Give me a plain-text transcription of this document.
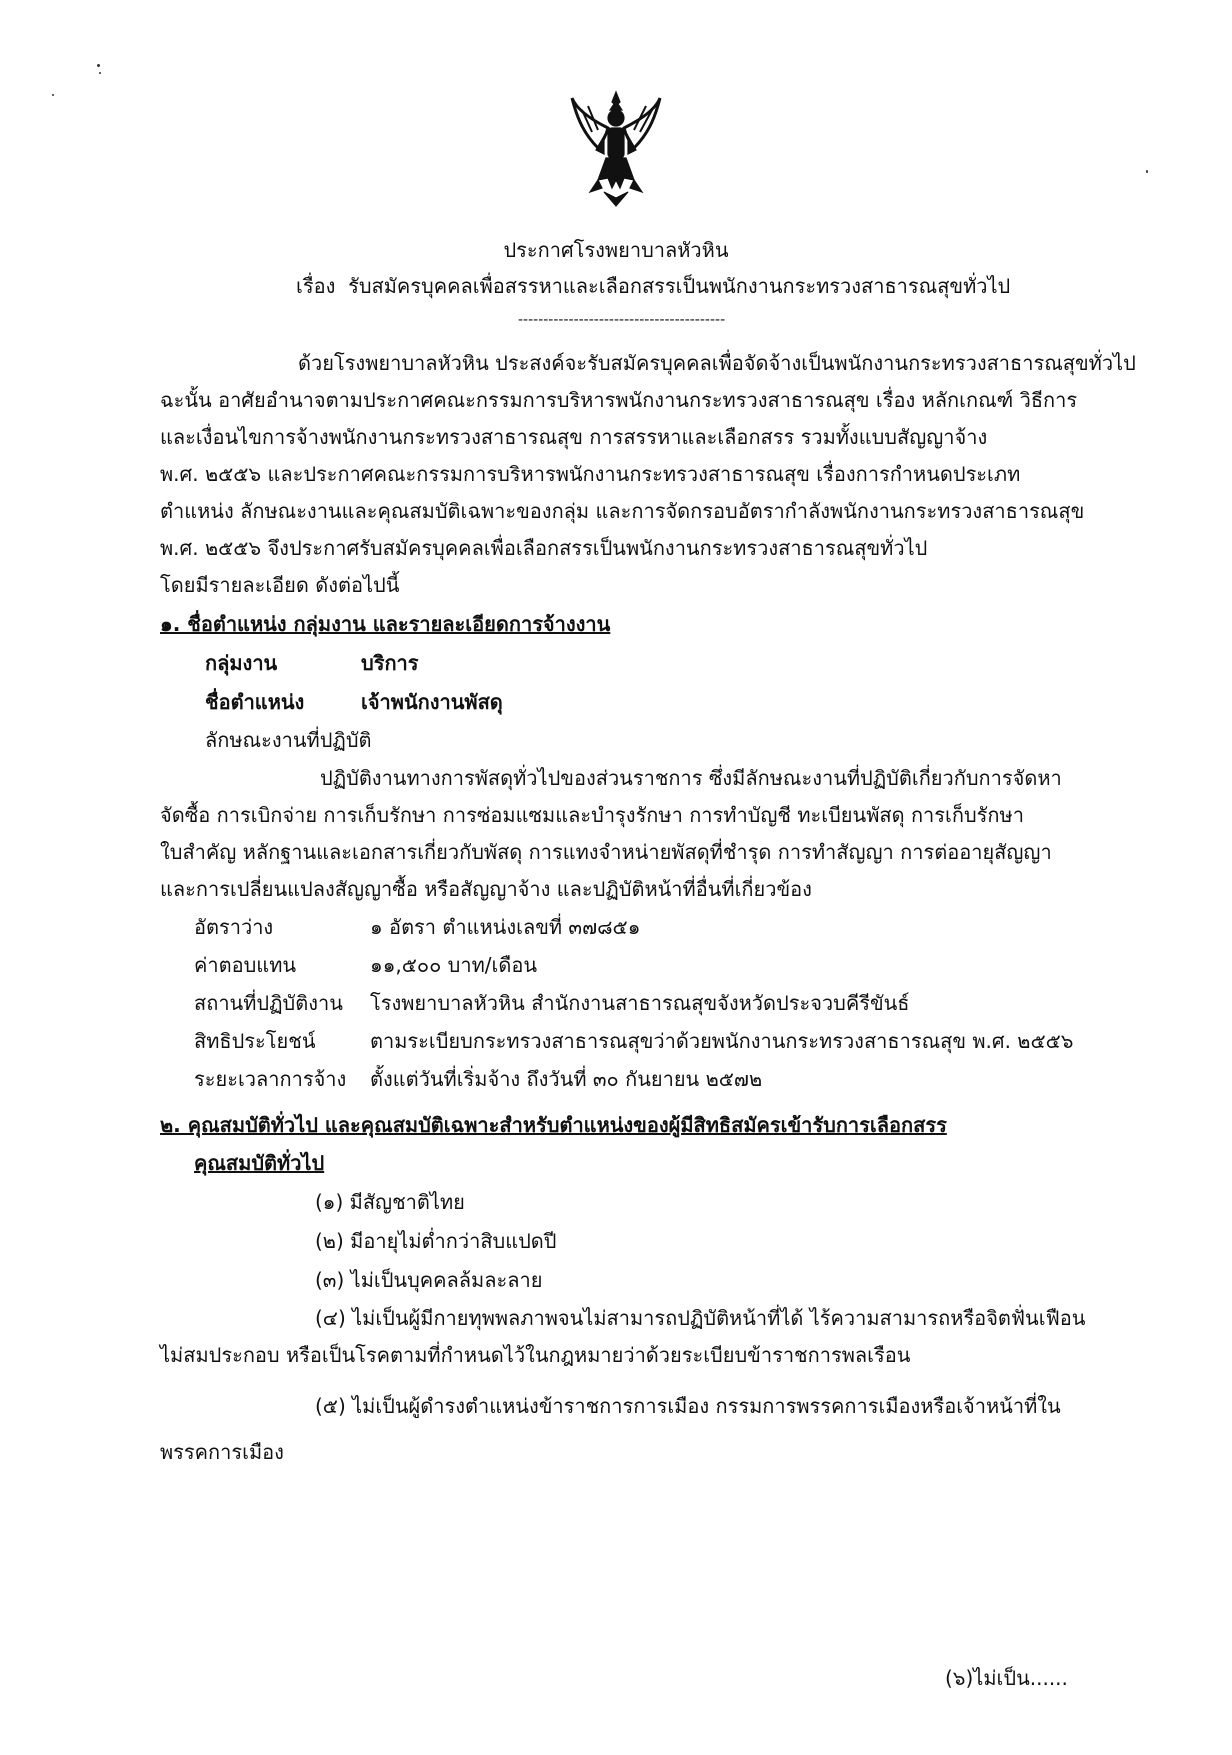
ประกาศโรงพยาบาลหัวหิน
เรื่อง รับสมัครบุคคลเพื่อสรรหาและเลือกสรรเป็นพนักงานกระทรวงสาธารณสุขทั่วไป
-----------------------------------------
ด้วยโรงพยาบาลหัวหิน ประสงค์จะรับสมัครบุคคลเพื่อจัดจ้างเป็นพนักงานกระทรวงสาธารณสุขทั่วไป
ฉะนั้น อาศัยอำนาจตามประกาศคณะกรรมการบริหารพนักงานกระทรวงสาธารณสุข เรื่อง หลักเกณฑ์ วิธีการ
และเงื่อนไขการจ้างพนักงานกระทรวงสาธารณสุข การสรรหาและเลือกสรร รวมทั้งแบบสัญญาจ้าง
พ.ศ. ๒๕๕๖ และประกาศคณะกรรมการบริหารพนักงานกระทรวงสาธารณสุข เรื่องการกำหนดประเภท
ตำแหน่ง ลักษณะงานและคุณสมบัติเฉพาะของกลุ่ม และการจัดกรอบอัตรากำลังพนักงานกระทรวงสาธารณสุข
พ.ศ. ๒๕๕๖ จึงประกาศรับสมัครบุคคลเพื่อเลือกสรรเป็นพนักงานกระทรวงสาธารณสุขทั่วไป
โดยมีรายละเอียด ดังต่อไปนี้
๑. ชื่อตำแหน่ง กลุ่มงาน และรายละเอียดการจ้างงาน
กลุ่มงาน	บริการ
ชื่อตำแหน่ง	เจ้าพนักงานพัสดุ
ลักษณะงานที่ปฏิบัติ
ปฏิบัติงานทางการพัสดุทั่วไปของส่วนราชการ ซึ่งมีลักษณะงานที่ปฏิบัติเกี่ยวกับการจัดหา
จัดซื้อ การเบิกจ่าย การเก็บรักษา การซ่อมแซมและบำรุงรักษา การทำบัญชี ทะเบียนพัสดุ การเก็บรักษา
ใบสำคัญ หลักฐานและเอกสารเกี่ยวกับพัสดุ การแทงจำหน่ายพัสดุที่ชำรุด การทำสัญญา การต่ออายุสัญญา
และการเปลี่ยนแปลงสัญญาซื้อ หรือสัญญาจ้าง และปฏิบัติหน้าที่อื่นที่เกี่ยวข้อง
อัตราว่าง	๑ อัตรา ตำแหน่งเลขที่ ๓๗๘๕๑
ค่าตอบแทน	๑๑,๕๐๐ บาท/เดือน
สถานที่ปฏิบัติงาน โรงพยาบาลหัวหิน สำนักงานสาธารณสุขจังหวัดประจวบคีรีขันธ์
สิทธิประโยชน์	ตามระเบียบกระทรวงสาธารณสุขว่าด้วยพนักงานกระทรวงสาธารณสุข พ.ศ. ๒๕๕๖
ระยะเวลาการจ้าง ตั้งแต่วันที่เริ่มจ้าง ถึงวันที่ ๓๐ กันยายน ๒๕๗๒
๒. คุณสมบัติทั่วไป และคุณสมบัติเฉพาะสำหรับตำแหน่งของผู้มีสิทธิสมัครเข้ารับการเลือกสรร
คุณสมบัติทั่วไป
(๑) มีสัญชาติไทย
(๒) มีอายุไม่ต่ำกว่าสิบแปดปี
(๓) ไม่เป็นบุคคลล้มละลาย
(๔) ไม่เป็นผู้มีกายทุพพลภาพจนไม่สามารถปฏิบัติหน้าที่ได้ ไร้ความสามารถหรือจิตฟั่นเฟือน
ไม่สมประกอบ หรือเป็นโรคตามที่กำหนดไว้ในกฎหมายว่าด้วยระเบียบข้าราชการพลเรือน
(๕) ไม่เป็นผู้ดำรงตำแหน่งข้าราชการการเมือง กรรมการพรรคการเมืองหรือเจ้าหน้าที่ใน
พรรคการเมือง
(๖)ไม่เป็น......
